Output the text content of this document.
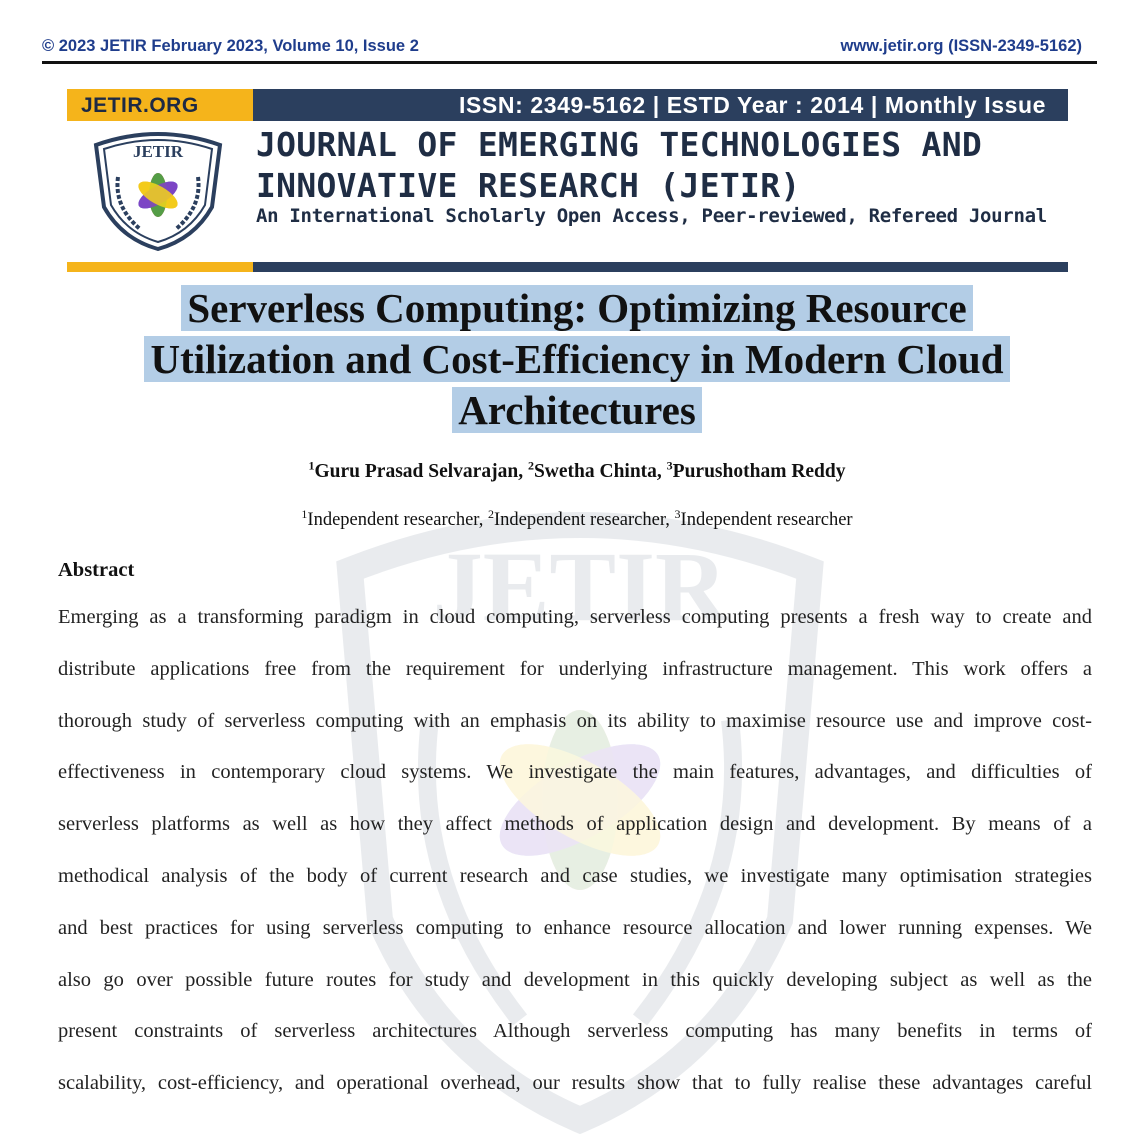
JETIR
© 2023 JETIR February 2023, Volume 10, Issue 2	www.jetir.org (ISSN-2349-5162)
JETIR.ORG	ISSN: 2349-5162 | ESTD Year : 2014 | Monthly Issue
JETIR JOURNAL OF EMERGING TECHNOLOGIES AND
INNOVATIVE RESEARCH (JETIR)
An International Scholarly Open Access, Peer-reviewed, Refereed Journal
Serverless Computing: Optimizing Resource
Utilization and Cost-Efficiency in Modern Cloud
Architectures
$^1$Guru Prasad Selvarajan, $^2$Swetha Chinta, $^3$Purushotham Reddy
$^1$Independent researcher, $^2$Independent researcher, $^3$Independent researcher
Abstract
Emerging as a transforming paradigm in cloud computing, serverless computing presents a fresh way to create and
distribute applications free from the requirement for underlying infrastructure management. This work offers a
thorough study of serverless computing with an emphasis on its ability to maximise resource use and improve cost-
effectiveness in contemporary cloud systems. We investigate the main features, advantages, and difficulties of
serverless platforms as well as how they affect methods of application design and development. By means of a
methodical analysis of the body of current research and case studies, we investigate many optimisation strategies
and best practices for using serverless computing to enhance resource allocation and lower running expenses. We
also go over possible future routes for study and development in this quickly developing subject as well as the
present constraints of serverless architectures Although serverless computing has many benefits in terms of
scalability, cost-efficiency, and operational overhead, our results show that to fully realise these advantages careful
